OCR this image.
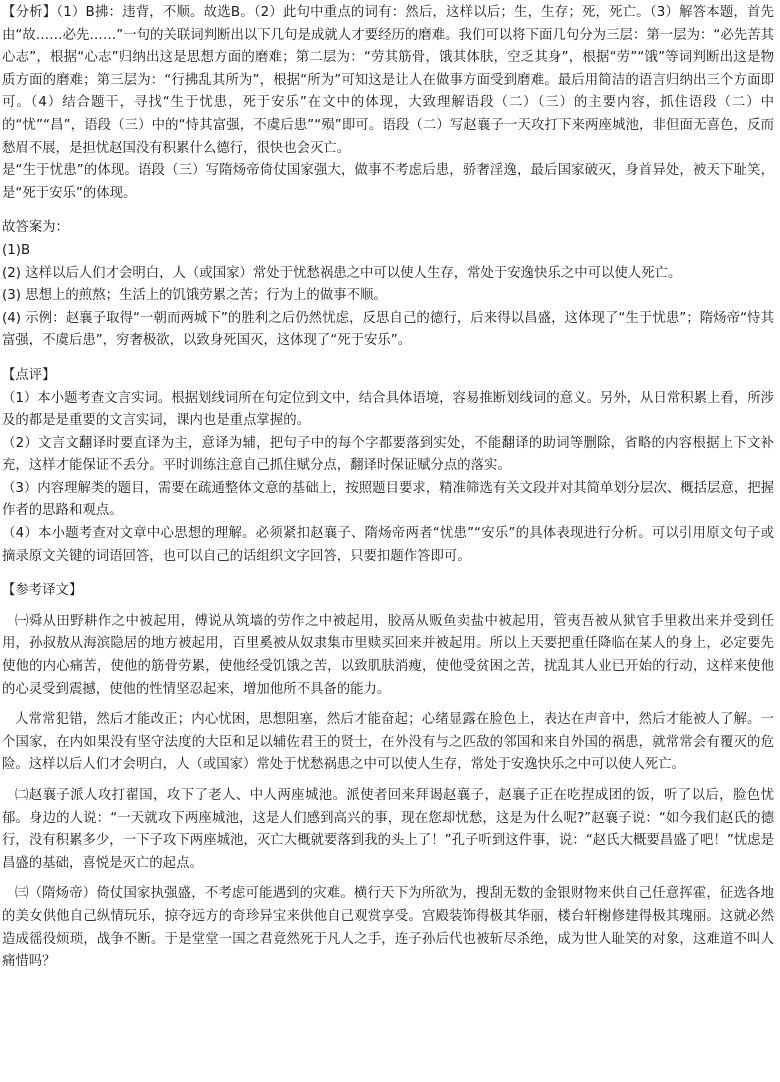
【分析】（1）B拂：违背，不顺。故选B。（2）此句中重点的词有：然后，这样以后；生，生存；死，死亡。（3）解答本题，首先由“故……必先……”一句的关联词判断出以下几句是成就人才要经历的磨难。我们可以将下面几句分为三层：第一层为：“必先苦其心志”，根据“心志”归纳出这是思想方面的磨难；第二层为：“劳其筋骨，饿其体肤，空乏其身”，根据“劳”“饿”等词判断出这是物质方面的磨难；第三层为：“行拂乱其所为”，根据“所为”可知这是让人在做事方面受到磨难。最后用简洁的语言归纳出三个方面即可。（4）结合题干，寻找“生于忧患，死于安乐”在文中的体现，大致理解语段（二）（三）的主要内容，抓住语段（二）中的“忧”“昌”，语段（三）中的“恃其富强，不虞后患”“殒”即可。语段（二）写赵襄子一天攻打下来两座城池，非但面无喜色，反而愁眉不展，是担忧赵国没有积累什么德行，很快也会灭亡。

是“生于忧患”的体现。语段（三）写隋炀帝倚仗国家强大，做事不考虑后患，骄奢淫逸，最后国家破灭，身首异处，被天下耻笑，是“死于安乐”的体现。

故答案为：

(1)B

(2) 这样以后人们才会明白，人（或国家）常处于忧愁祸患之中可以使人生存，常处于安逸快乐之中可以使人死亡。

(3) 思想上的煎熬；生活上的饥饿劳累之苦；行为上的做事不顺。

(4) 示例：赵襄子取得“一朝而两城下”的胜利之后仍然忧虑，反思自己的德行，后来得以昌盛，这体现了“生于忧患”；隋炀帝“恃其富强，不虞后患”，穷奢极欲，以致身死国灭，这体现了“死于安乐”。

【点评】

（1）本小题考查文言实词。根据划线词所在句定位到文中，结合具体语境，容易推断划线词的意义。另外，从日常积累上看，所涉及的都是是重要的文言实词，课内也是重点掌握的。

（2）文言文翻译时要直译为主，意译为辅，把句子中的每个字都要落到实处，不能翻译的助词等删除，省略的内容根据上下文补充，这样才能保证不丢分。平时训练注意自己抓住赋分点，翻译时保证赋分点的落实。

（3）内容理解类的题目，需要在疏通整体文意的基础上，按照题目要求，精准筛选有关文段并对其简单划分层次、概括层意，把握作者的思路和观点。

（4）本小题考查对文章中心思想的理解。必须紧扣赵襄子、隋炀帝两者“忧患”“安乐”的具体表现进行分析。可以引用原文句子或摘录原文关键的词语回答，也可以自己的话组织文字回答，只要扣题作答即可。

【参考译文】

㈠舜从田野耕作之中被起用，傅说从筑墙的劳作之中被起用，胶鬲从贩鱼卖盐中被起用，管夷吾被从狱官手里救出来并受到任用，孙叔敖从海滨隐居的地方被起用，百里奚被从奴隶集市里赎买回来并被起用。所以上天要把重任降临在某人的身上，必定要先使他的内心痛苦，使他的筋骨劳累，使他经受饥饿之苦，以致肌肤消瘦，使他受贫困之苦，扰乱其人业已开始的行动，这样来使他的心灵受到震撼，使他的性情坚忍起来，增加他所不具备的能力。

人常常犯错，然后才能改正；内心忧困，思想阻塞，然后才能奋起；心绪显露在脸色上，表达在声音中，然后才能被人了解。一个国家，在内如果没有坚守法度的大臣和足以辅佐君王的贤士，在外没有与之匹敌的邻国和来自外国的祸患，就常常会有覆灭的危险。这样以后人们才会明白，人（或国家）常处于忧愁祸患之中可以使人生存，常处于安逸快乐之中可以使人死亡。

㈡赵襄子派人攻打翟国，攻下了老人、中人两座城池。派使者回来拜谒赵襄子，赵襄子正在吃捏成团的饭，听了以后，脸色忧郁。身边的人说：“一天就攻下两座城池，这是人们感到高兴的事，现在您却忧愁，这是为什么呢?”赵襄子说：“如今我们赵氏的德行，没有积累多少，一下子攻下两座城池，灭亡大概就要落到我的头上了！”孔子听到这件事，说：“赵氏大概要昌盛了吧！”忧虑是昌盛的基础，喜悦是灭亡的起点。

㈢（隋炀帝）倚仗国家执强盛，不考虑可能遇到的灾难。横行天下为所欲为，搜刮无数的金银财物来供自己任意挥霍，征选各地的美女供他自己纵情玩乐，掠夺远方的奇珍异宝来供他自己观赏享受。宫殿装饰得极其华丽，楼台轩榭修建得极其瑰丽。这就必然造成徭役烦琐，战争不断。于是堂堂一国之君竟然死于凡人之手，连子孙后代也被斩尽杀绝，成为世人耻笑的对象，这难道不叫人痛惜吗？
